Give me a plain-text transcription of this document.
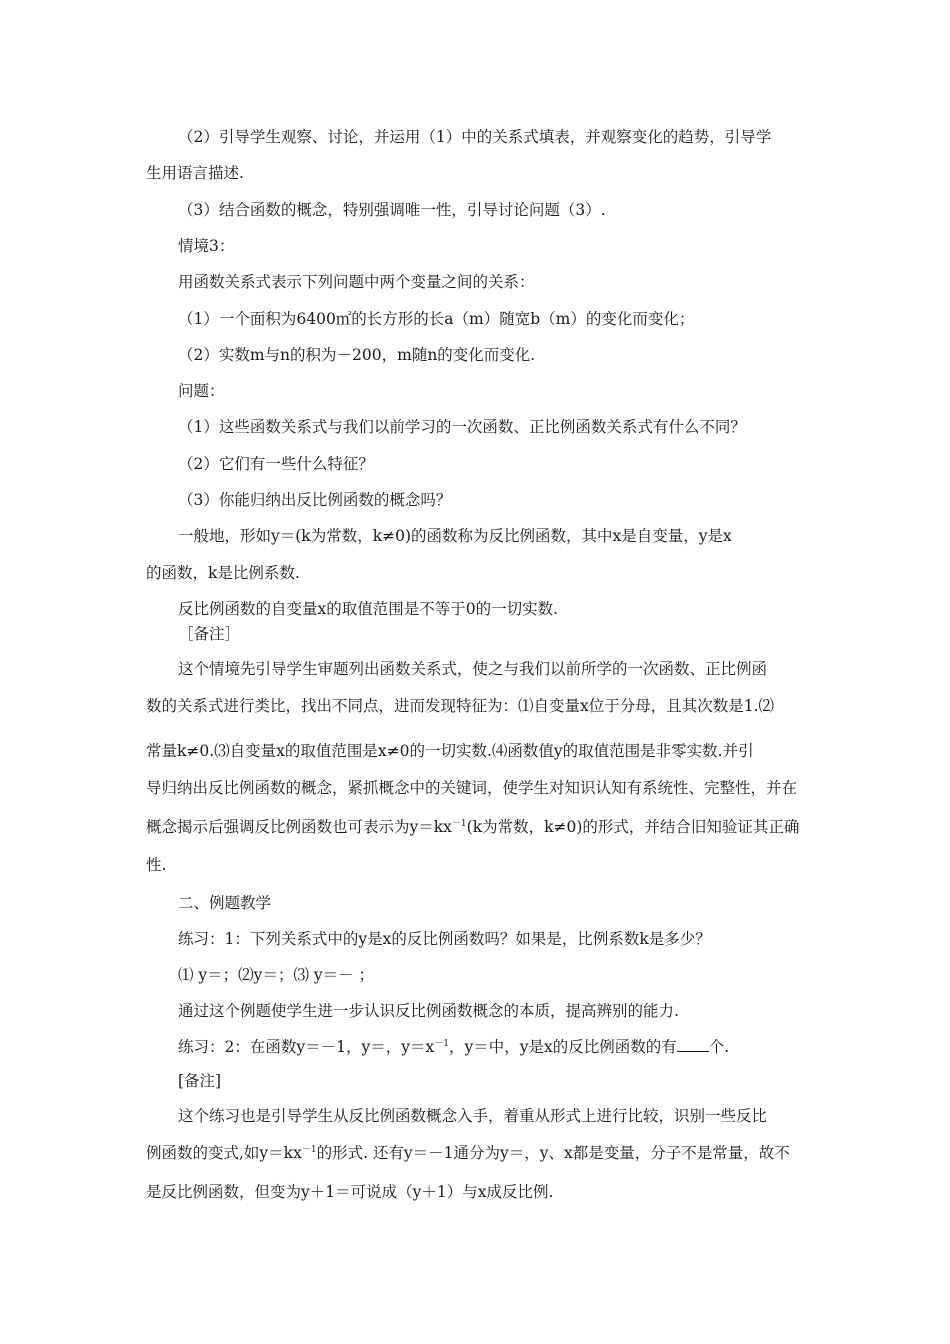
（2）引导学生观察、讨论，并运用（1）中的关系式填表，并观察变化的趋势，引导学
生用语言描述.
（3）结合函数的概念，特别强调唯一性，引导讨论问题（3）.
情境3：
用函数关系式表示下列问题中两个变量之间的关系：
（1）一个面积为6400㎡的长方形的长a（m）随宽b（m）的变化而变化；
（2）实数m与n的积为－200，m随n的变化而变化.
问题：
（1）这些函数关系式与我们以前学习的一次函数、正比例函数关系式有什么不同？
（2）它们有一些什么特征？
（3）你能归纳出反比例函数的概念吗？
一般地，形如y＝(k为常数，k≠0)的函数称为反比例函数，其中x是自变量，y是x
的函数，k是比例系数.
反比例函数的自变量x的取值范围是不等于0的一切实数.
［备注］
这个情境先引导学生审题列出函数关系式，使之与我们以前所学的一次函数、正比例函
数的关系式进行类比，找出不同点，进而发现特征为：⑴自变量x位于分母，且其次数是1.⑵
常量k≠0.⑶自变量x的取值范围是x≠0的一切实数.⑷函数值y的取值范围是非零实数.并引
导归纳出反比例函数的概念，紧抓概念中的关键词，使学生对知识认知有系统性、完整性，并在
概念揭示后强调反比例函数也可表示为$y=kx^{-1}(k$为常数，k≠0)的形式，并结合旧知验证其正确
性.
二、例题教学
练习：1：下列关系式中的y是x的反比例函数吗？如果是，比例系数k是多少？
⑴ y＝；⑵y＝；⑶ y＝－ ；
通过这个例题使学生进一步认识反比例函数概念的本质，提高辨别的能力.
练习：2：在函数y＝－1，y＝，$y=x^{-1}$，y＝中，y是x的反比例函数的有 个.
[备注]
这个练习也是引导学生从反比例函数概念入手，着重从形式上进行比较，识别一些反比
例函数的变式,如$y=kx^{-1}$的形式. 还有y＝－1通分为y＝，y、x都是变量，分子不是常量，故不
是反比例函数，但变为y＋1＝可说成（y＋1）与x成反比例.
